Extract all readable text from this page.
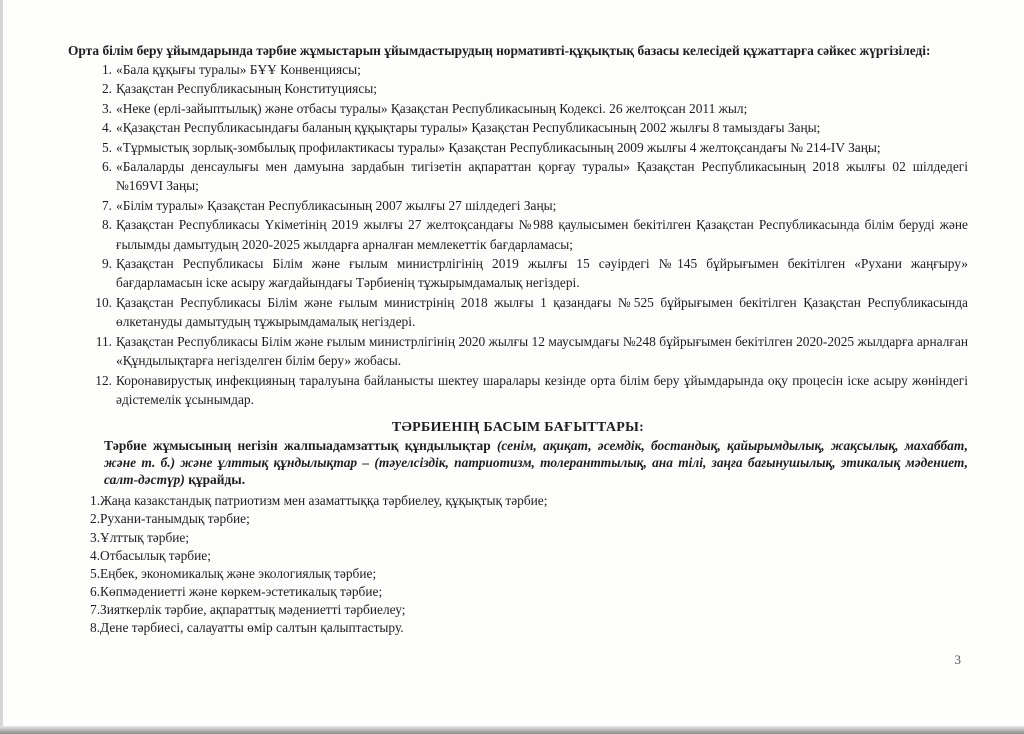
Орта білім беру ұйымдарында тәрбие жұмыстарын ұйымдастырудың нормативті-құқықтық базасы келесідей құжаттарға сәйкес жүргізіледі:

1. «Бала құқығы туралы» БҰҰ Конвенциясы;
2. Қазақстан Республикасының Конституциясы;
3. «Неке (ерлі-зайыптылық) және отбасы туралы» Қазақстан Республикасының Кодексі. 26 желтоқсан 2011 жыл;
4. «Қазақстан Республикасындағы баланың құқықтары туралы» Қазақстан Республикасының 2002 жылғы 8 тамыздағы Заңы;
5. «Тұрмыстық зорлық-зомбылық профилактикасы туралы» Қазақстан Республикасының 2009 жылғы 4 желтоқсандағы № 214-IV Заңы;
6. «Балаларды денсаулығы мен дамуына зардабын тигізетін ақпараттан қорғау туралы» Қазақстан Республикасының 2018 жылғы 02 шілдедегі №169VI Заңы;
7. «Білім туралы» Қазақстан Республикасының 2007 жылғы 27 шілдедегі Заңы;
8. Қазақстан Республикасы Үкіметінің 2019 жылғы 27 желтоқсандағы №988 қаулысымен бекітілген Қазақстан Республикасында білім беруді және ғылымды дамытудың 2020-2025 жылдарға арналған мемлекеттік бағдарламасы;
9. Қазақстан Республикасы Білім және ғылым министрлігінің 2019 жылғы 15 сәуірдегі №145 бұйрығымен бекітілген «Рухани жаңғыру» бағдарламасын іске асыру жағдайындағы Тәрбиенің тұжырымдамалық негіздері.
10. Қазақстан Республикасы Білім және ғылым министрінің 2018 жылғы 1 қазандағы №525 бұйрығымен бекітілген Қазақстан Республикасында өлкетануды дамытудың тұжырымдамалық негіздері.
11. Қазақстан Республикасы Білім және ғылым министрлігінің 2020 жылғы 12 маусымдағы №248 бұйрығымен бекітілген 2020-2025 жылдарға арналған «Құндылықтарға негізделген білім беру» жобасы.
12. Коронавирустық инфекцияның таралуына байланысты шектеу шаралары кезінде орта білім беру ұйымдарында оқу процесін іске асыру жөніндегі әдістемелік ұсынымдар.
ТӘРБИЕНІҢ БАСЫМ БАҒЫТТАРЫ:

Тәрбие жұмысының негізін жалпыадамзаттық құндылықтар (сенім, ақиқат, әсемдік, бостандық, қайырымдылық, жақсылық, махаббат, және т. б.) және ұлттық құндылықтар – (тәуелсіздік, патриотизм, толеранттылық, ана тілі, заңға бағынушылық, этикалық мәдениет, салт-дәстүр) құрайды.

1.Жаңа казакстандық патриотизм мен азаматтыққа тәрбиелеу, құқықтық тәрбие;
2.Рухани-танымдық тәрбие;
3.Ұлттық тәрбие;
4.Отбасылық тәрбие;
5.Еңбек, экономикалық және экологиялық тәрбие;
6.Көпмәдениетті және көркем-эстетикалық тәрбие;
7.Зияткерлік тәрбие, ақпараттық мәдениетті тәрбиелеу;
8.Дене тәрбиесі, салауатты өмір салтын қалыптастыру.
3
